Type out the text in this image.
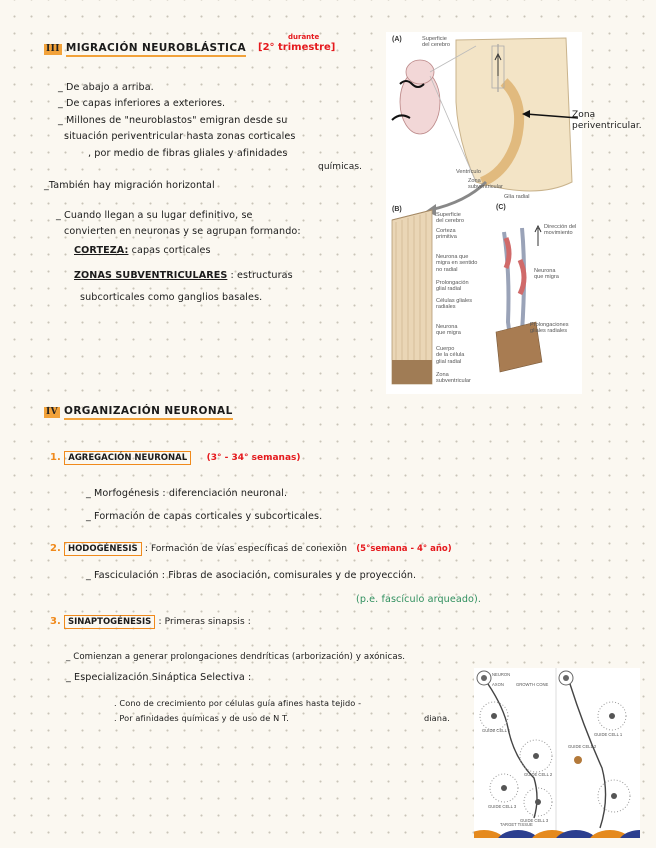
III MIGRACIÓN NEUROBLÁSTICA
durante
[2° trimestre]
_ De abajo a arriba.
_ De capas inferiores a exteriores.
_ Millones de "neuroblastos" emigran desde su
situación periventricular hasta zonas corticales
, por medio de fibras gliales y afinidades
químicas.
_También hay migración horizontal
_ Cuando llegan a su lugar definitivo, se
convierten en neuronas y se agrupan formando:
CORTEZA: capas corticales
ZONAS SUBVENTRICULARES : estructuras
subcorticales como ganglios basales.
(A)
(B)	(C)
Superficie
del cerebro
Ventrículo
Zona
subventricular
Glía radial
Superficie
del cerebro
Corteza
primitiva
Neurona que
migra en sentido
no radial
Prolongación
glial radial
Células gliales
radiales
Neurona
que migra
Cuerpo
de la célula
glial radial
Zona
subventricular
Dirección del
movimiento
Neurona
que migra
Prolongaciones
gliales radiales
Zona
periventricular.
IV ORGANIZACIÓN NEURONAL
1. AGREGACIÓN NEURONAL (3° - 34° semanas)
_ Morfogénesis : diferenciación neuronal.
_ Formación de capas corticales y subcorticales.
2. HODOGÉNESIS : Formación de vías específicas de conexión (5°semana - 4° año)
_ Fasciculación : Fibras de asociación, comisurales y de proyección.
(p.e. fascículo arqueado).
3. SINAPTOGÉNESIS : Primeras sinapsis :
_ Comienzan a generar prolongaciones dendríticas (arborización) y axónicas.
_ Especialización Sináptica Selectiva :
. Cono de crecimiento por células guía afines hasta tejido -
. Por afinidades químicas y de uso de N T.	diana.
NEURON
AXON	GROWTH CONE
GUIDE CELL 1
GUIDE CELL 2
GUIDE CELL 3
GUIDE CELL 3
GUIDE CELL 1
GUIDE CELL 2
TARGET TISSUE
